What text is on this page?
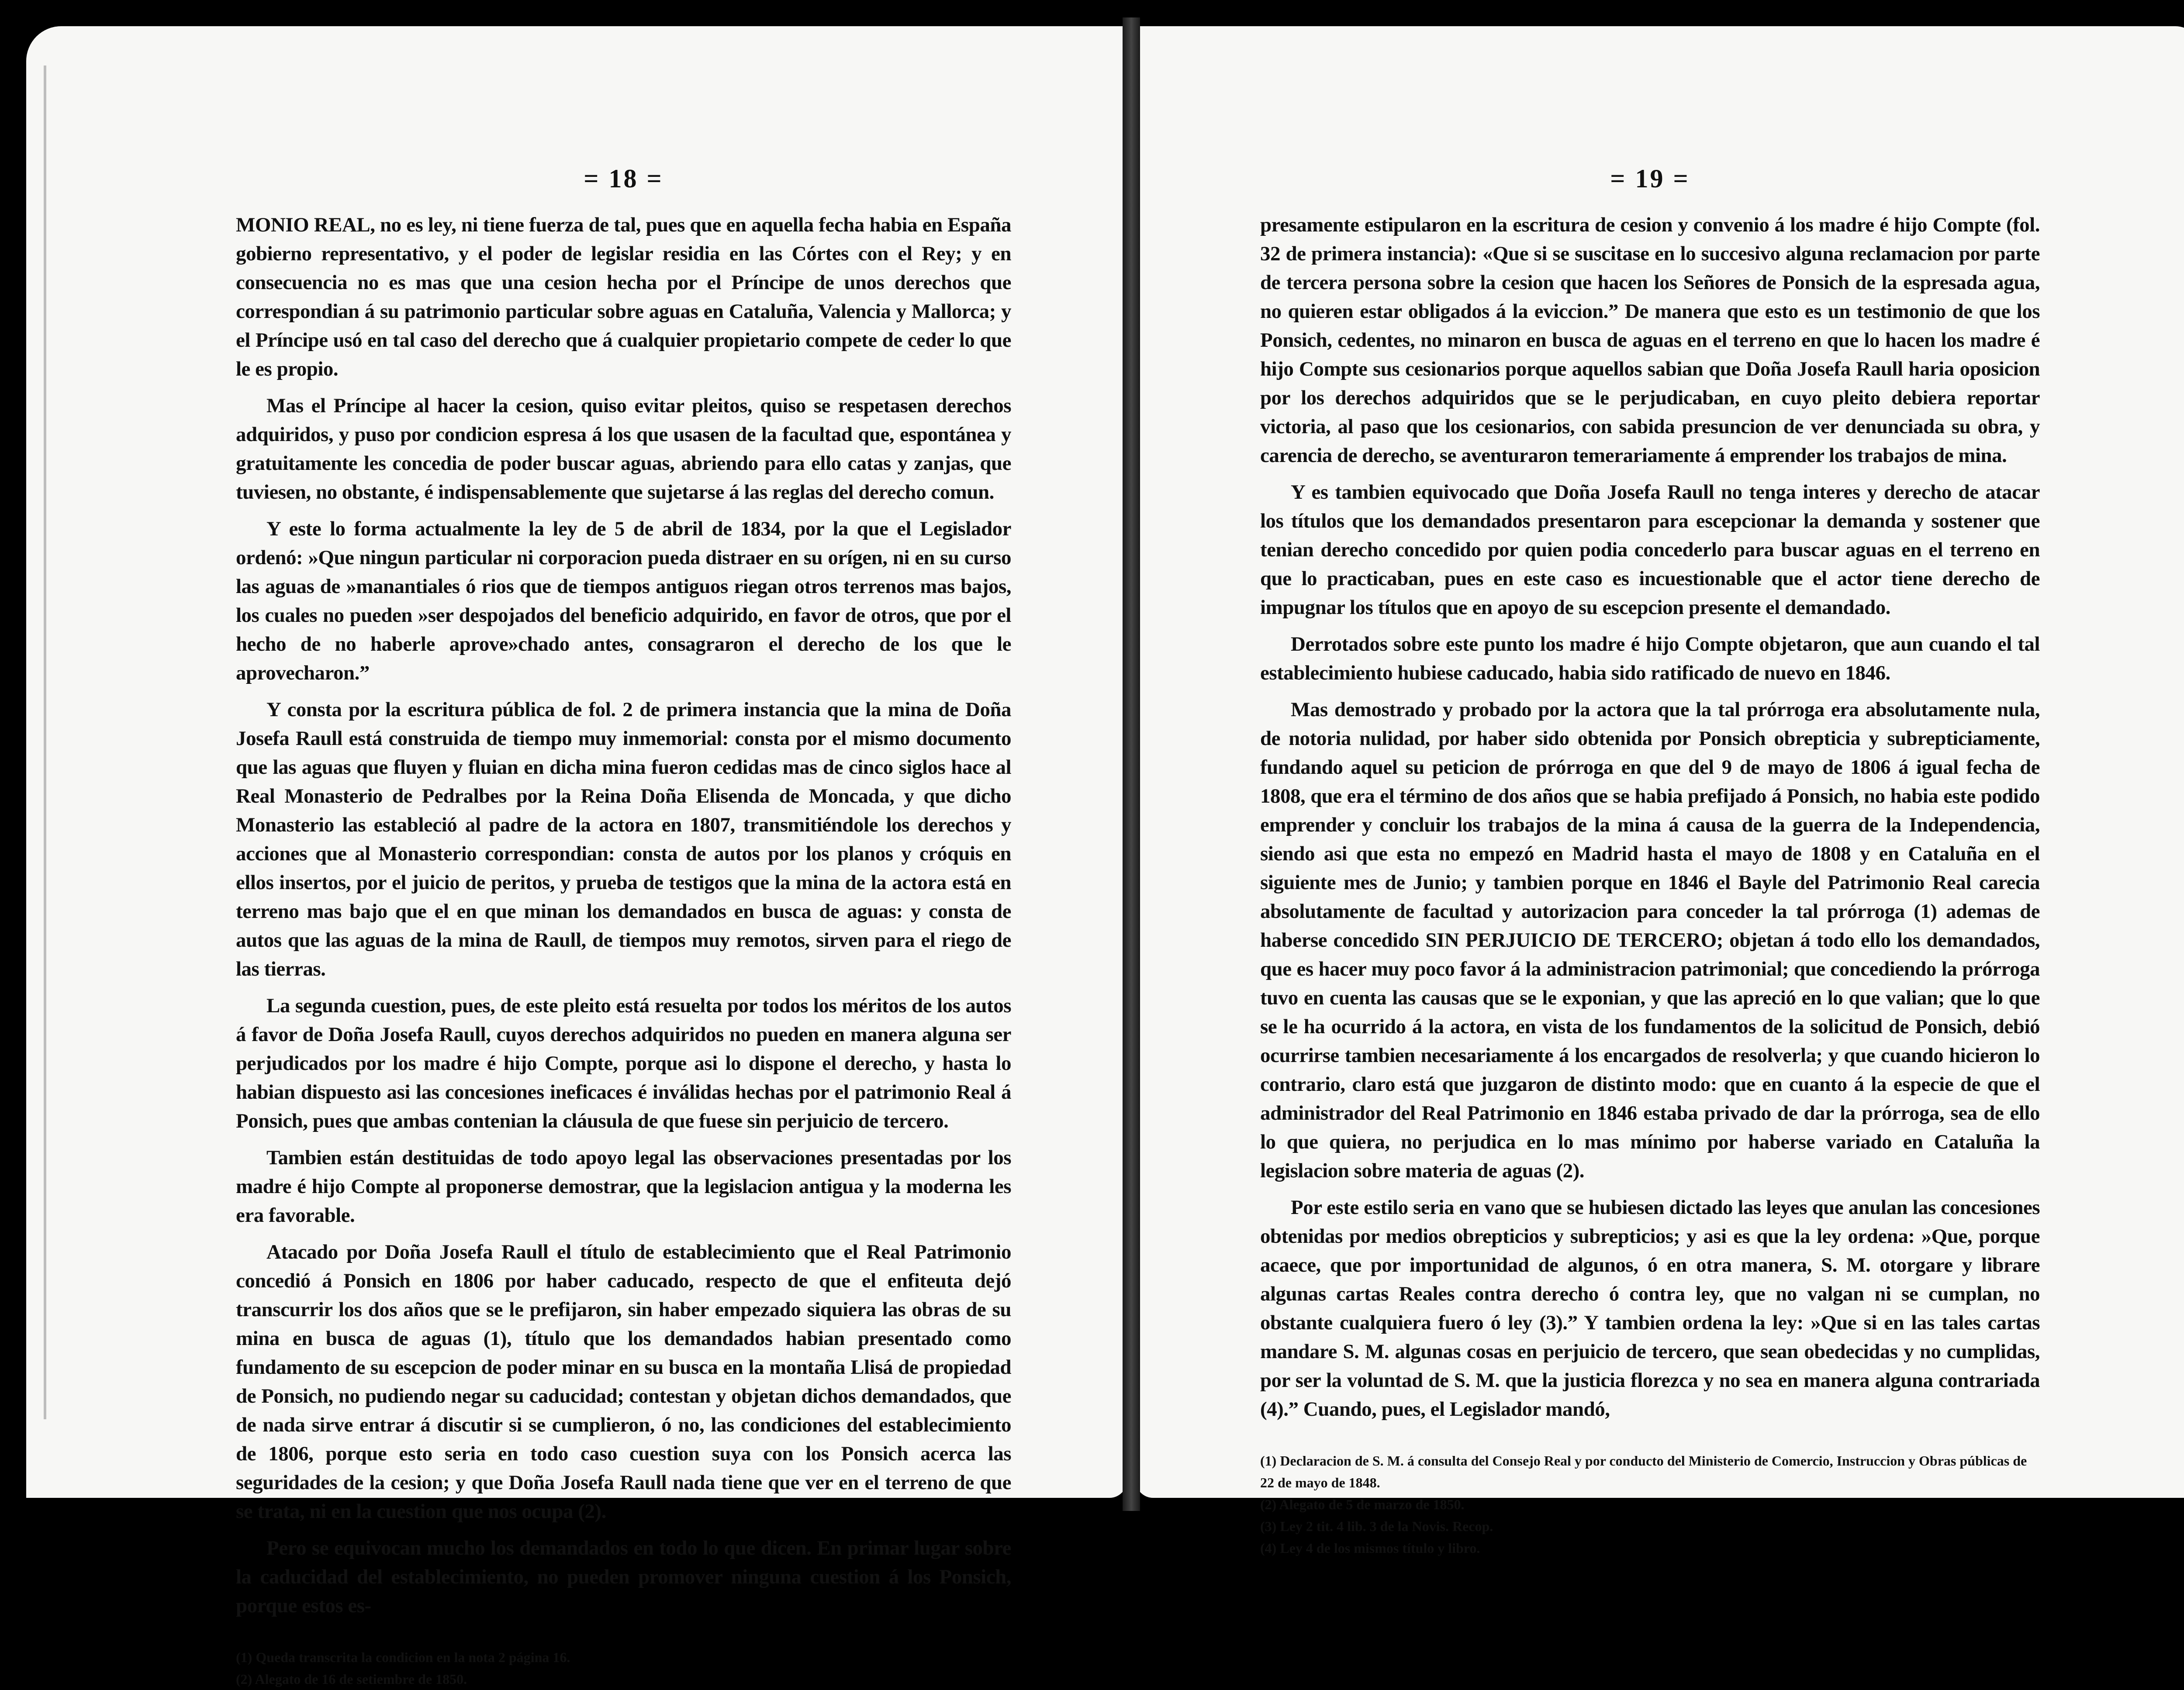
= 18 =

MONIO REAL, no es ley, ni tiene fuerza de tal, pues que en aquella fecha habia en España gobierno representativo, y el poder de legislar residia en las Córtes con el Rey; y en consecuencia no es mas que una cesion hecha por el Príncipe de unos derechos que correspondian á su patrimonio particular sobre aguas en Cataluña, Valencia y Mallorca; y el Príncipe usó en tal caso del derecho que á cualquier propietario compete de ceder lo que le es propio.

Mas el Príncipe al hacer la cesion, quiso evitar pleitos, quiso se respetasen derechos adquiridos, y puso por condicion espresa á los que usasen de la facultad que, espontánea y gratuitamente les concedia de poder buscar aguas, abriendo para ello catas y zanjas, que tuviesen, no obstante, é indispensablemente que sujetarse á las reglas del derecho comun.

Y este lo forma actualmente la ley de 5 de abril de 1834, por la que el Legislador ordenó: »Que ningun particular ni corporacion pueda distraer en su orígen, ni en su curso las aguas de »manantiales ó rios que de tiempos antiguos riegan otros terrenos mas bajos, los cuales no pueden »ser despojados del beneficio adquirido, en favor de otros, que por el hecho de no haberle aprove»chado antes, consagraron el derecho de los que le aprovecharon.”

Y consta por la escritura pública de fol. 2 de primera instancia que la mina de Doña Josefa Raull está construida de tiempo muy inmemorial: consta por el mismo documento que las aguas que fluyen y fluian en dicha mina fueron cedidas mas de cinco siglos hace al Real Monasterio de Pedralbes por la Reina Doña Elisenda de Moncada, y que dicho Monasterio las estableció al padre de la actora en 1807, transmitiéndole los derechos y acciones que al Monasterio correspondian: consta de autos por los planos y cróquis en ellos insertos, por el juicio de peritos, y prueba de testigos que la mina de la actora está en terreno mas bajo que el en que minan los demandados en busca de aguas: y consta de autos que las aguas de la mina de Raull, de tiempos muy remotos, sirven para el riego de las tierras.

La segunda cuestion, pues, de este pleito está resuelta por todos los méritos de los autos á favor de Doña Josefa Raull, cuyos derechos adquiridos no pueden en manera alguna ser perjudicados por los madre é hijo Compte, porque asi lo dispone el derecho, y hasta lo habian dispuesto asi las concesiones ineficaces é inválidas hechas por el patrimonio Real á Ponsich, pues que ambas contenian la cláusula de que fuese sin perjuicio de tercero.

Tambien están destituidas de todo apoyo legal las observaciones presentadas por los madre é hijo Compte al proponerse demostrar, que la legislacion antigua y la moderna les era favorable.

Atacado por Doña Josefa Raull el título de establecimiento que el Real Patrimonio concedió á Ponsich en 1806 por haber caducado, respecto de que el enfiteuta dejó transcurrir los dos años que se le prefijaron, sin haber empezado siquiera las obras de su mina en busca de aguas (1), título que los demandados habian presentado como fundamento de su escepcion de poder minar en su busca en la montaña Llisá de propiedad de Ponsich, no pudiendo negar su caducidad; contestan y objetan dichos demandados, que de nada sirve entrar á discutir si se cumplieron, ó no, las condiciones del establecimiento de 1806, porque esto seria en todo caso cuestion suya con los Ponsich acerca las seguridades de la cesion; y que Doña Josefa Raull nada tiene que ver en el terreno de que se trata, ni en la cuestion que nos ocupa (2).

Pero se equivocan mucho los demandados en todo lo que dicen. En primar lugar sobre la caducidad del establecimiento, no pueden promover ninguna cuestion á los Ponsich, porque estos es-

(1) Queda transcrita la condicion en la nota 2 página 16.
(2) Alegato de 16 de setiembre de 1850.
= 19 =

presamente estipularon en la escritura de cesion y convenio á los madre é hijo Compte (fol. 32 de primera instancia): «Que si se suscitase en lo succesivo alguna reclamacion por parte de tercera persona sobre la cesion que hacen los Señores de Ponsich de la espresada agua, no quieren estar obligados á la eviccion.” De manera que esto es un testimonio de que los Ponsich, cedentes, no minaron en busca de aguas en el terreno en que lo hacen los madre é hijo Compte sus cesionarios porque aquellos sabian que Doña Josefa Raull haria oposicion por los derechos adquiridos que se le perjudicaban, en cuyo pleito debiera reportar victoria, al paso que los cesionarios, con sabida presuncion de ver denunciada su obra, y carencia de derecho, se aventuraron temerariamente á emprender los trabajos de mina.

Y es tambien equivocado que Doña Josefa Raull no tenga interes y derecho de atacar los títulos que los demandados presentaron para escepcionar la demanda y sostener que tenian derecho concedido por quien podia concederlo para buscar aguas en el terreno en que lo practicaban, pues en este caso es incuestionable que el actor tiene derecho de impugnar los títulos que en apoyo de su escepcion presente el demandado.

Derrotados sobre este punto los madre é hijo Compte objetaron, que aun cuando el tal establecimiento hubiese caducado, habia sido ratificado de nuevo en 1846.

Mas demostrado y probado por la actora que la tal prórroga era absolutamente nula, de notoria nulidad, por haber sido obtenida por Ponsich obrepticia y subrepticiamente, fundando aquel su peticion de prórroga en que del 9 de mayo de 1806 á igual fecha de 1808, que era el término de dos años que se habia prefijado á Ponsich, no habia este podido emprender y concluir los trabajos de la mina á causa de la guerra de la Independencia, siendo asi que esta no empezó en Madrid hasta el mayo de 1808 y en Cataluña en el siguiente mes de Junio; y tambien porque en 1846 el Bayle del Patrimonio Real carecia absolutamente de facultad y autorizacion para conceder la tal prórroga (1) ademas de haberse concedido SIN PERJUICIO DE TERCERO; objetan á todo ello los demandados, que es hacer muy poco favor á la administracion patrimonial; que concediendo la prórroga tuvo en cuenta las causas que se le exponian, y que las apreció en lo que valian; que lo que se le ha ocurrido á la actora, en vista de los fundamentos de la solicitud de Ponsich, debió ocurrirse tambien necesariamente á los encargados de resolverla; y que cuando hicieron lo contrario, claro está que juzgaron de distinto modo: que en cuanto á la especie de que el administrador del Real Patrimonio en 1846 estaba privado de dar la prórroga, sea de ello lo que quiera, no perjudica en lo mas mínimo por haberse variado en Cataluña la legislacion sobre materia de aguas (2).

Por este estilo seria en vano que se hubiesen dictado las leyes que anulan las concesiones obtenidas por medios obrepticios y subrepticios; y asi es que la ley ordena: »Que, porque acaece, que por importunidad de algunos, ó en otra manera, S. M. otorgare y librare algunas cartas Reales contra derecho ó contra ley, que no valgan ni se cumplan, no obstante cualquiera fuero ó ley (3).” Y tambien ordena la ley: »Que si en las tales cartas mandare S. M. algunas cosas en perjuicio de tercero, que sean obedecidas y no cumplidas, por ser la voluntad de S. M. que la justicia florezca y no sea en manera alguna contrariada (4).” Cuando, pues, el Legislador mandó,

(1) Declaracion de S. M. á consulta del Consejo Real y por conducto del Ministerio de Comercio, Instruccion y Obras públicas de 22 de mayo de 1848.
(2) Alegato de 5 de marzo de 1850.
(3) Ley 2 tit. 4 lib. 3 de la Novis. Recop.
(4) Ley 4 de los mismos título y libro.
